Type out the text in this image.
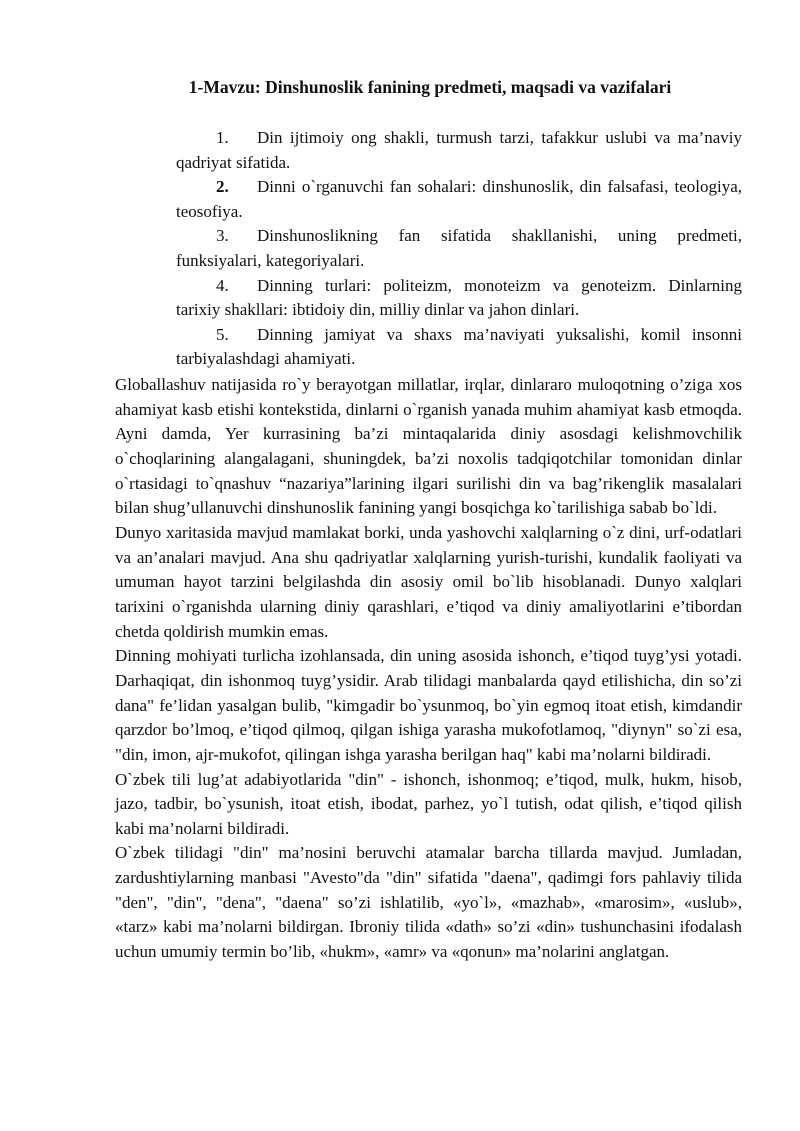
1-Mavzu: Dinshunoslik fanining predmeti, maqsadi va vazifalari
1. Din ijtimoiy ong shakli, turmush tarzi, tafakkur uslubi va ma’naviy qadriyat sifatida.
2. Dinni o`rganuvchi fan sohalari: dinshunoslik, din falsafasi, teologiya, teosofiya.
3. Dinshunoslikning fan sifatida shakllanishi, uning predmeti, funksiyalari, kategoriyalari.
4. Dinning turlari: politeizm, monoteizm va genoteizm. Dinlarning tarixiy shakllari: ibtidoiy din, milliy dinlar va jahon dinlari.
5. Dinning jamiyat va shaxs ma’naviyati yuksalishi, komil insonni tarbiyalashdagi ahamiyati.

Globallashuv natijasida ro`y berayotgan millatlar, irqlar, dinlararo muloqotning o’ziga xos ahamiyat kasb etishi kontekstida, dinlarni o`rganish yanada muhim ahamiyat kasb etmoqda. Ayni damda, Yer kurrasining ba’zi mintaqalarida diniy asosdagi kelishmovchilik o`choqlarining alangalagani, shuningdek, ba’zi noxolis tadqiqotchilar tomonidan dinlar o`rtasidagi to`qnashuv “nazariya”larining ilgari surilishi din va bag’rikenglik masalalari bilan shug’ullanuvchi dinshunoslik fanining yangi bosqichga ko`tarilishiga sabab bo`ldi.

Dunyo xaritasida mavjud mamlakat borki, unda yashovchi xalqlarning o`z dini, urf-odatlari va an’analari mavjud. Ana shu qadriyatlar xalqlarning yurish-turishi, kundalik faoliyati va umuman hayot tarzini belgilashda din asosiy omil bo`lib hisoblanadi. Dunyo xalqlari tarixini o`rganishda ularning diniy qarashlari, e’tiqod va diniy amaliyotlarini e’tibordan chetda qoldirish mumkin emas.

Dinning mohiyati turlicha izohlansada, din uning asosida ishonch, e’tiqod tuyg’ysi yotadi. Darhaqiqat, din ishonmoq tuyg’ysidir. Arab tilidagi manbalarda qayd etilishicha, din so’zi dana" fe’lidan yasalgan bulib, "kimgadir bo`ysunmoq, bo`yin egmoq itoat etish, kimdandir qarzdor bo’lmoq, e’tiqod qilmoq, qilgan ishiga yarasha mukofotlamoq, "diynyn" so`zi esa, "din, imon, ajr-mukofot, qilingan ishga yarasha berilgan haq" kabi ma’nolarni bildiradi.

O`zbek tili lug’at adabiyotlarida "din" - ishonch, ishonmoq; e’tiqod, mulk, hukm, hisob, jazo, tadbir, bo`ysunish, itoat etish, ibodat, parhez, yo`l tutish, odat qilish, e’tiqod qilish kabi ma’nolarni bildiradi.

O`zbek tilidagi "din" ma’nosini beruvchi atamalar barcha tillarda mavjud. Jumladan, zardushtiylarning manbasi "Avesto"da "din" sifatida "daena", qadimgi fors pahlaviy tilida "den", "din", "dena", "daena" so’zi ishlatilib, «yo`l», «mazhab», «marosim», «uslub», «tarz» kabi ma’nolarni bildirgan. Ibroniy tilida «dath» so’zi «din» tushunchasini ifodalash uchun umumiy termin bo’lib, «hukm», «amr» va «qonun» ma’nolarini anglatgan.
